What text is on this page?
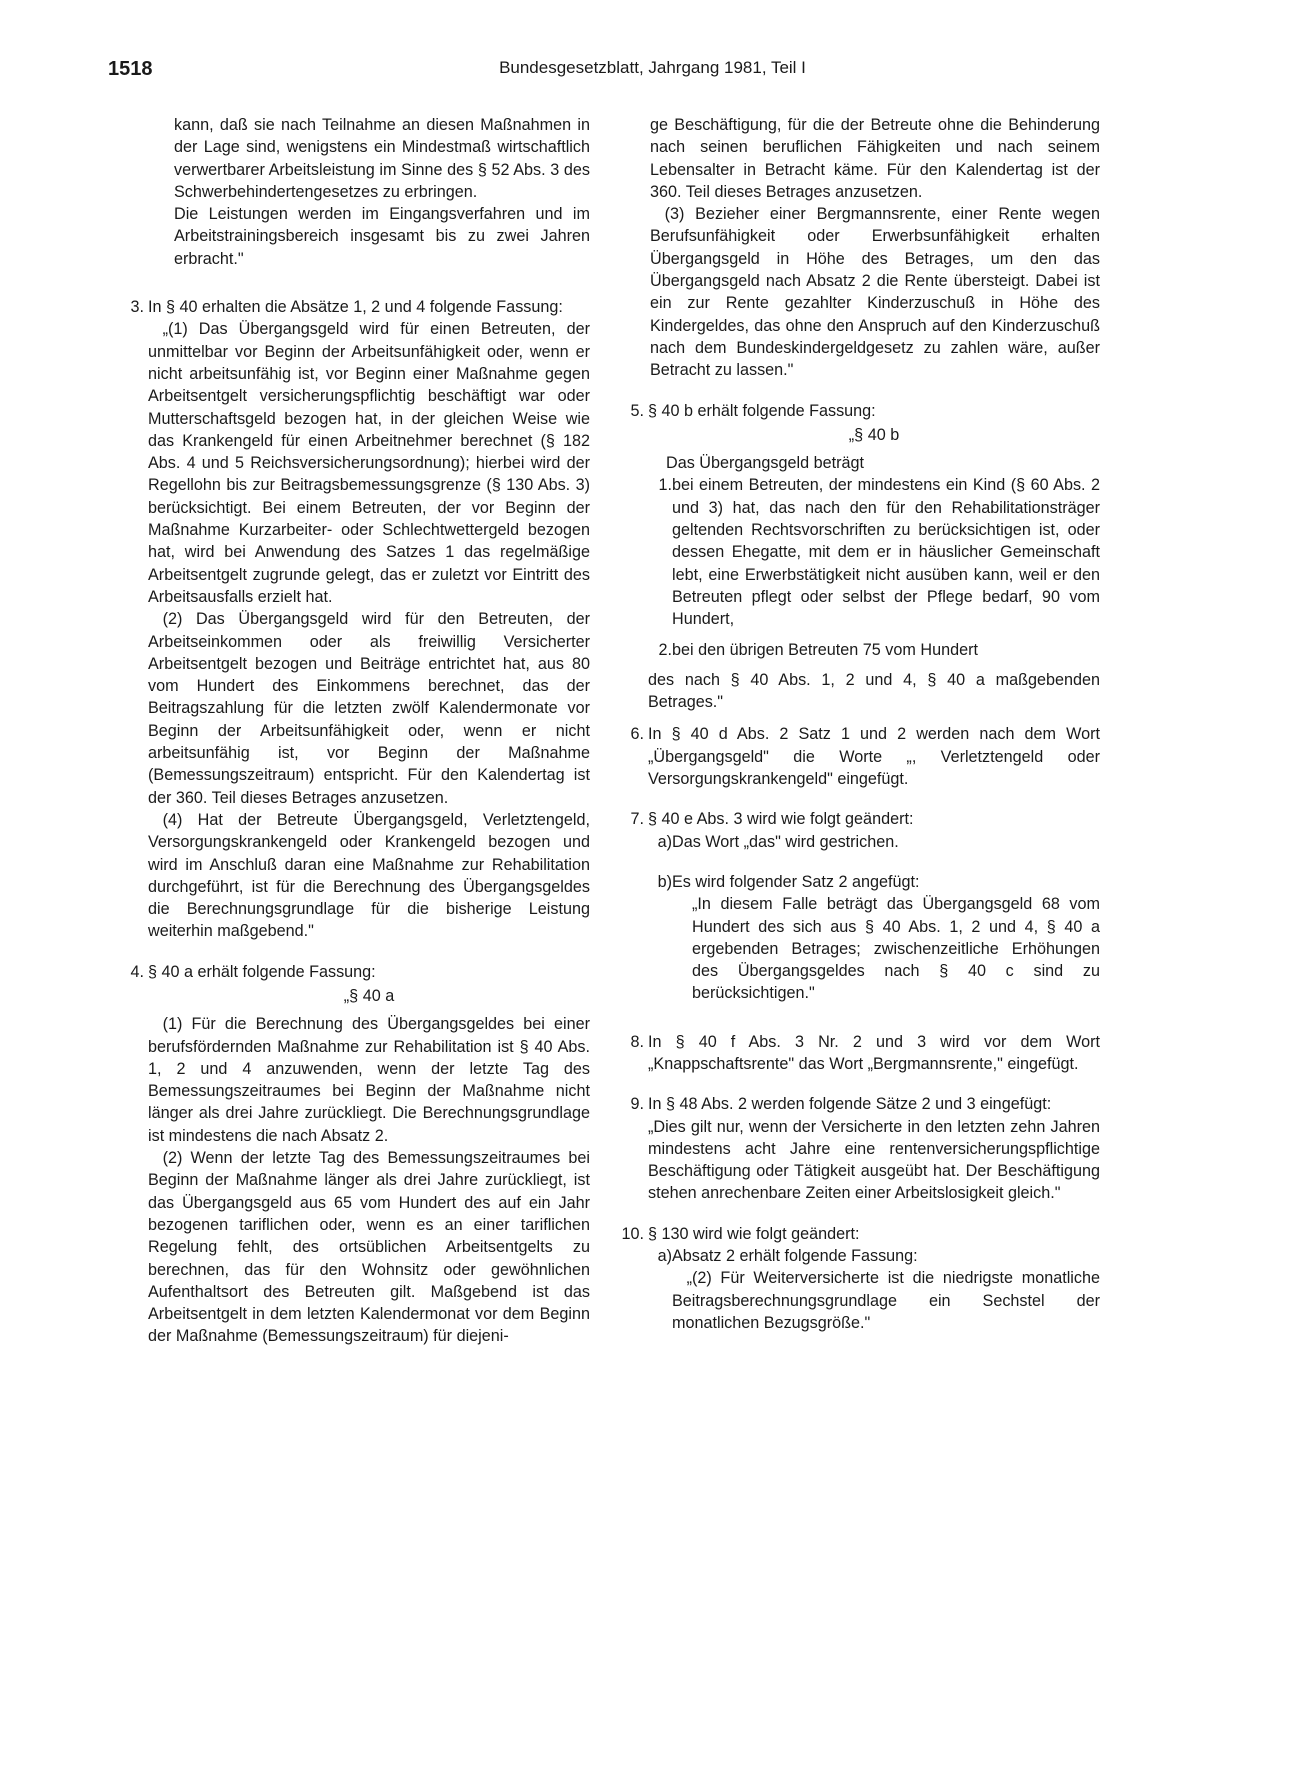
1518	Bundesgesetzblatt, Jahrgang 1981, Teil I

kann, daß sie nach Teilnahme an diesen Maßnahmen in der Lage sind, wenigstens ein Mindestmaß wirtschaftlich verwertbarer Arbeitsleistung im Sinne des § 52 Abs. 3 des Schwerbehindertengesetzes zu erbringen.

Die Leistungen werden im Eingangsverfahren und im Arbeitstrainingsbereich insgesamt bis zu zwei Jahren erbracht."

3. In § 40 erhalten die Absätze 1, 2 und 4 folgende Fassung:

„(1) Das Übergangsgeld wird für einen Betreuten, der unmittelbar vor Beginn der Arbeitsunfähigkeit oder, wenn er nicht arbeitsunfähig ist, vor Beginn einer Maßnahme gegen Arbeitsentgelt versicherungspflichtig beschäftigt war oder Mutterschaftsgeld bezogen hat, in der gleichen Weise wie das Krankengeld für einen Arbeitnehmer berechnet (§ 182 Abs. 4 und 5 Reichsversicherungsordnung); hierbei wird der Regellohn bis zur Beitragsbemessungsgrenze (§ 130 Abs. 3) berücksichtigt. Bei einem Betreuten, der vor Beginn der Maßnahme Kurzarbeiter- oder Schlechtwettergeld bezogen hat, wird bei Anwendung des Satzes 1 das regelmäßige Arbeitsentgelt zugrunde gelegt, das er zuletzt vor Eintritt des Arbeitsausfalls erzielt hat.

(2) Das Übergangsgeld wird für den Betreuten, der Arbeitseinkommen oder als freiwillig Versicherter Arbeitsentgelt bezogen und Beiträge entrichtet hat, aus 80 vom Hundert des Einkommens berechnet, das der Beitragszahlung für die letzten zwölf Kalendermonate vor Beginn der Arbeitsunfähigkeit oder, wenn er nicht arbeitsunfähig ist, vor Beginn der Maßnahme (Bemessungszeitraum) entspricht. Für den Kalendertag ist der 360. Teil dieses Betrages anzusetzen.

(4) Hat der Betreute Übergangsgeld, Verletztengeld, Versorgungskrankengeld oder Krankengeld bezogen und wird im Anschluß daran eine Maßnahme zur Rehabilitation durchgeführt, ist für die Berechnung des Übergangsgeldes die Berechnungsgrundlage für die bisherige Leistung weiterhin maßgebend."

4. § 40 a erhält folgende Fassung:

„§ 40 a

(1) Für die Berechnung des Übergangsgeldes bei einer berufsfördernden Maßnahme zur Rehabilitation ist § 40 Abs. 1, 2 und 4 anzuwenden, wenn der letzte Tag des Bemessungszeitraumes bei Beginn der Maßnahme nicht länger als drei Jahre zurückliegt. Die Berechnungsgrundlage ist mindestens die nach Absatz 2.

(2) Wenn der letzte Tag des Bemessungszeitraumes bei Beginn der Maßnahme länger als drei Jahre zurückliegt, ist das Übergangsgeld aus 65 vom Hundert des auf ein Jahr bezogenen tariflichen oder, wenn es an einer tariflichen Regelung fehlt, des ortsüblichen Arbeitsentgelts zu berechnen, das für den Wohnsitz oder gewöhnlichen Aufenthaltsort des Betreuten gilt. Maßgebend ist das Arbeitsentgelt in dem letzten Kalendermonat vor dem Beginn der Maßnahme (Bemessungszeitraum) für diejeni-

ge Beschäftigung, für die der Betreute ohne die Behinderung nach seinen beruflichen Fähigkeiten und nach seinem Lebensalter in Betracht käme. Für den Kalendertag ist der 360. Teil dieses Betrages anzusetzen.

(3) Bezieher einer Bergmannsrente, einer Rente wegen Berufsunfähigkeit oder Erwerbsunfähigkeit erhalten Übergangsgeld in Höhe des Betrages, um den das Übergangsgeld nach Absatz 2 die Rente übersteigt. Dabei ist ein zur Rente gezahlter Kinderzuschuß in Höhe des Kindergeldes, das ohne den Anspruch auf den Kinderzuschuß nach dem Bundeskindergeldgesetz zu zahlen wäre, außer Betracht zu lassen."

5. § 40 b erhält folgende Fassung:

„§ 40 b

Das Übergangsgeld beträgt

1. bei einem Betreuten, der mindestens ein Kind (§ 60 Abs. 2 und 3) hat, das nach den für den Rehabilitationsträger geltenden Rechtsvorschriften zu berücksichtigen ist, oder dessen Ehegatte, mit dem er in häuslicher Gemeinschaft lebt, eine Erwerbstätigkeit nicht ausüben kann, weil er den Betreuten pflegt oder selbst der Pflege bedarf, 90 vom Hundert,

2. bei den übrigen Betreuten 75 vom Hundert

des nach § 40 Abs. 1, 2 und 4, § 40 a maßgebenden Betrages."

6. In § 40 d Abs. 2 Satz 1 und 2 werden nach dem Wort „Übergangsgeld" die Worte „, Verletztengeld oder Versorgungskrankengeld" eingefügt.

7. § 40 e Abs. 3 wird wie folgt geändert:

a) Das Wort „das" wird gestrichen.

b) Es wird folgender Satz 2 angefügt:

„In diesem Falle beträgt das Übergangsgeld 68 vom Hundert des sich aus § 40 Abs. 1, 2 und 4, § 40 a ergebenden Betrages; zwischenzeitliche Erhöhungen des Übergangsgeldes nach § 40 c sind zu berücksichtigen."

8. In § 40 f Abs. 3 Nr. 2 und 3 wird vor dem Wort „Knappschaftsrente" das Wort „Bergmannsrente," eingefügt.

9. In § 48 Abs. 2 werden folgende Sätze 2 und 3 eingefügt:

„Dies gilt nur, wenn der Versicherte in den letzten zehn Jahren mindestens acht Jahre eine rentenversicherungspflichtige Beschäftigung oder Tätigkeit ausgeübt hat. Der Beschäftigung stehen anrechenbare Zeiten einer Arbeitslosigkeit gleich."

10. § 130 wird wie folgt geändert:

a) Absatz 2 erhält folgende Fassung:

„(2) Für Weiterversicherte ist die niedrigste monatliche Beitragsberechnungsgrundlage ein Sechstel der monatlichen Bezugsgröße."
